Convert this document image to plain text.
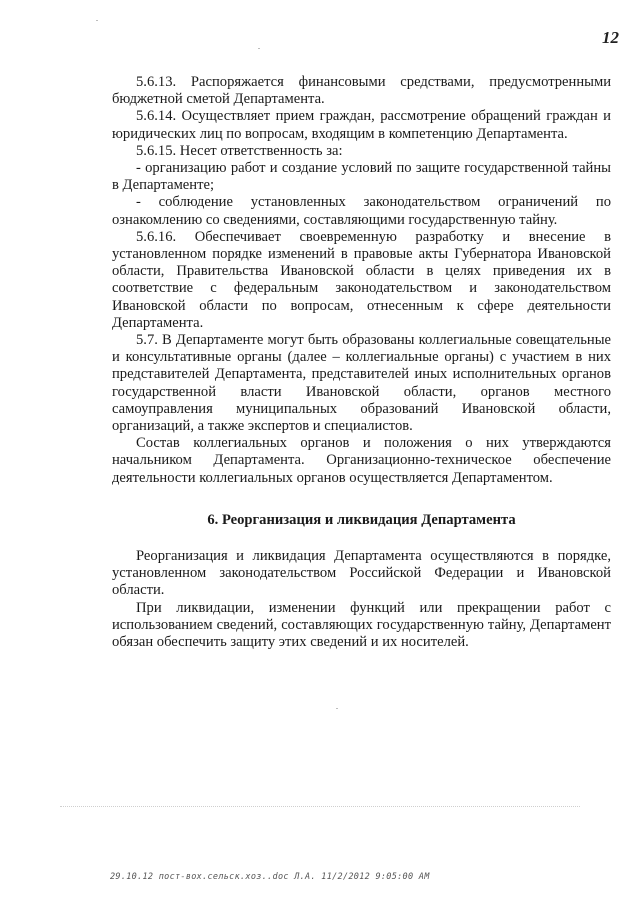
12

5.6.13. Распоряжается финансовыми средствами, предусмотренными бюджетной сметой Департамента.

5.6.14. Осуществляет прием граждан, рассмотрение обращений граждан и юридических лиц по вопросам, входящим в компетенцию Департамента.

5.6.15. Несет ответственность за:

- организацию работ и создание условий по защите государственной тайны в Департаменте;

- соблюдение установленных законодательством ограничений по ознакомлению со сведениями, составляющими государственную тайну.

5.6.16. Обеспечивает своевременную разработку и внесение в установленном порядке изменений в правовые акты Губернатора Ивановской области, Правительства Ивановской области в целях приведения их в соответствие с федеральным законодательством и законодательством Ивановской области по вопросам, отнесенным к сфере деятельности Департамента.

5.7. В Департаменте могут быть образованы коллегиальные совещательные и консультативные органы (далее – коллегиальные органы) с участием в них представителей Департамента, представителей иных исполнительных органов государственной власти Ивановской области, органов местного самоуправления муниципальных образований Ивановской области, организаций, а также экспертов и специалистов.

Состав коллегиальных органов и положения о них утверждаются начальником Департамента. Организационно-техническое обеспечение деятельности коллегиальных органов осуществляется Департаментом.

6. Реорганизация и ликвидация Департамента

Реорганизация и ликвидация Департамента осуществляются в порядке, установленном законодательством Российской Федерации и Ивановской области.

При ликвидации, изменении функций или прекращении работ с использованием сведений, составляющих государственную тайну, Департамент обязан обеспечить защиту этих сведений и их носителей.

29.10.12 пост-вох.сельск.хоз..doc Л.А. 11/2/2012 9:05:00 AM
